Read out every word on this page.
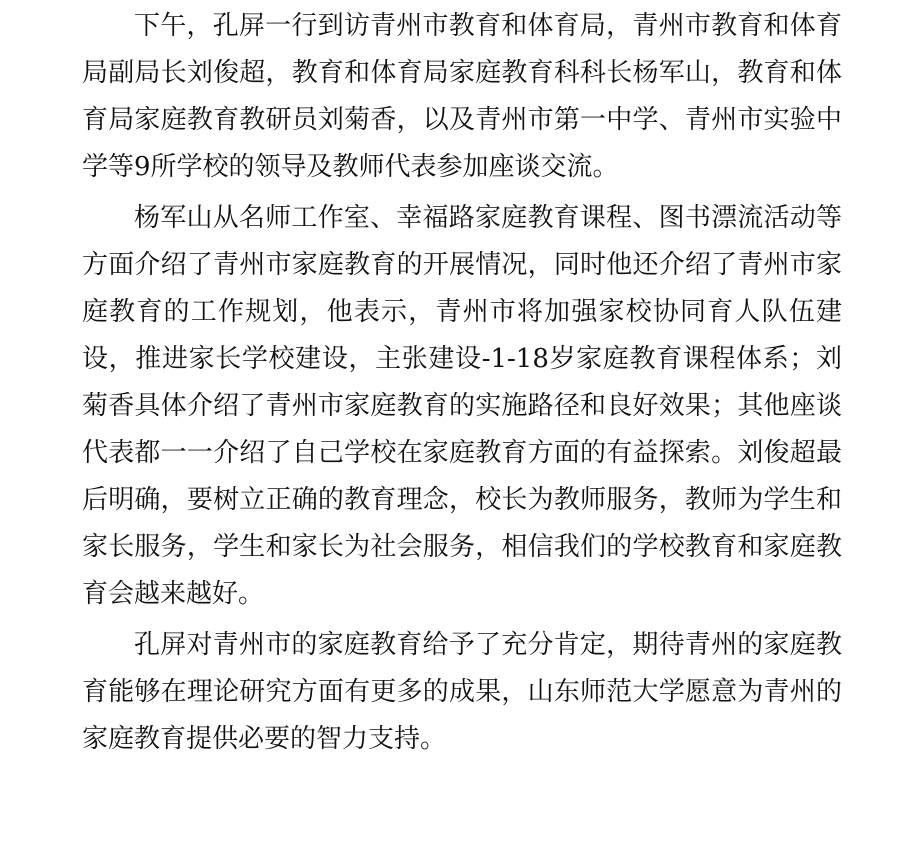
下午，孔屏一行到访青州市教育和体育局，青州市教育和体育局副局长刘俊超，教育和体育局家庭教育科科长杨军山，教育和体育局家庭教育教研员刘菊香，以及青州市第一中学、青州市实验中学等9所学校的领导及教师代表参加座谈交流。

杨军山从名师工作室、幸福路家庭教育课程、图书漂流活动等方面介绍了青州市家庭教育的开展情况，同时他还介绍了青州市家庭教育的工作规划，他表示，青州市将加强家校协同育人队伍建设，推进家长学校建设，主张建设-1-18岁家庭教育课程体系；刘菊香具体介绍了青州市家庭教育的实施路径和良好效果；其他座谈代表都一一介绍了自己学校在家庭教育方面的有益探索。刘俊超最后明确，要树立正确的教育理念，校长为教师服务，教师为学生和家长服务，学生和家长为社会服务，相信我们的学校教育和家庭教育会越来越好。

孔屏对青州市的家庭教育给予了充分肯定，期待青州的家庭教育能够在理论研究方面有更多的成果，山东师范大学愿意为青州的家庭教育提供必要的智力支持。
